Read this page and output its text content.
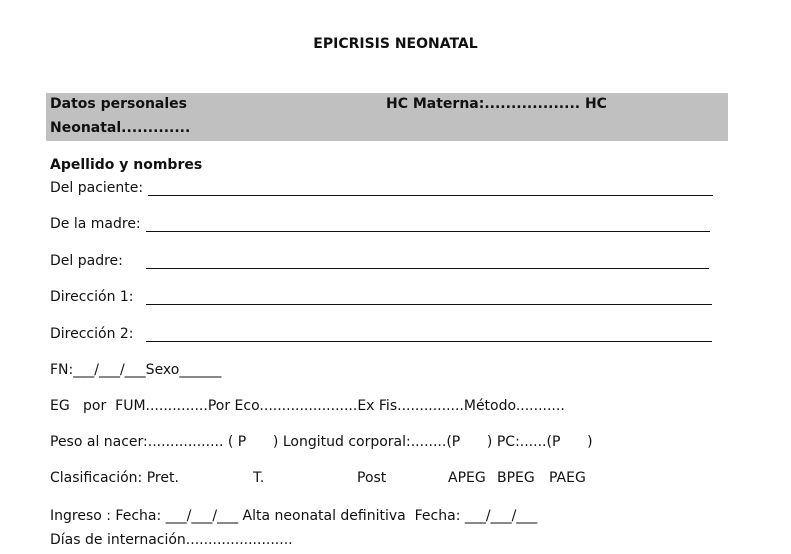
EPICRISIS NEONATAL
Datos personales	HC Materna:.................. HC
Neonatal.............
Apellido y nombres
Del paciente:
De la madre:
Del padre:
Dirección 1:
Dirección 2:
FN:___/___/___Sexo______
EG   por  FUM..............Por Eco......................Ex Fis...............Método...........
Peso al nacer:................. ( P      ) Longitud corporal:........(P      ) PC:......(P      )
Clasificación: Pret.	T.	Post	APEG BPEG PAEG
Ingreso : Fecha: ___/___/___ Alta neonatal definitiva  Fecha: ___/___/___
Días de internación........................
